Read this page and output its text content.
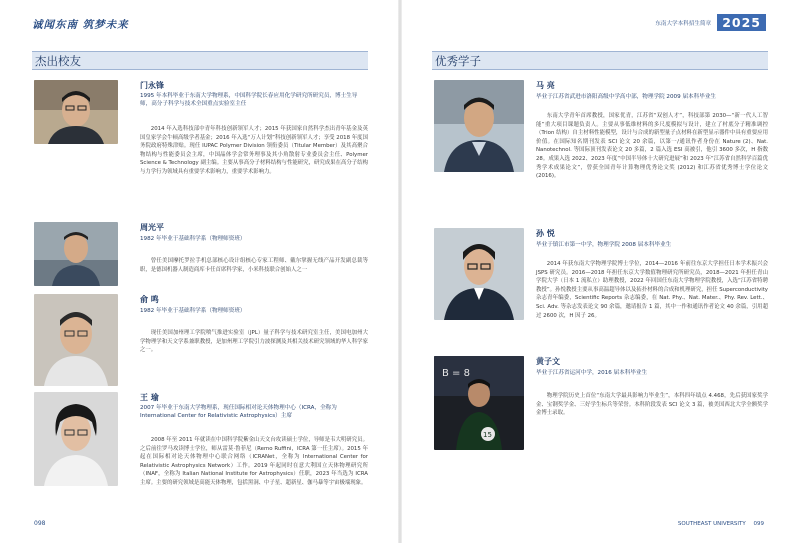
诚闻东南 筑梦未来
杰出校友
门永锋
1995 年本科毕业于东南大学物理系，中国科学院长春应用化学研究所研究员，博士生导师，高分子科学与技术全国重点实验室主任

2014 年入选科技部中青年科技创新领军人才；2015 年获国家自然科学杰出青年基金及英国皇家学会牛顿高级学者基金；2016 年入选“万人计划”科技创新领军人才；享受 2018 年度国务院政府特殊津贴。现任 IUPAC Polymer Division 领衔委员（Titular Member）及其高聚合物结构与性能委员会主席，中国晶体学会常务理事及其小角散射专业委员会主任、Polymer Science & Technology 副主编。主要从事高分子材料结构与性能研究，研究成果在高分子结构与力学行为领域具有重要学术影响力，重要学术影响力。

周光平
1982 年毕业于基础科学系（物理师资班）

曾任美国摩托罗拉手机总部核心设计组核心专家工程师、戴尔掌握无线产品开发副总裁等职，是德国机器人制造商库卡任首席科学家，小米科技联合创始人之一

俞 鸣
1982 年毕业于基础科学系（物理师资班）

现任美国加州理工学院喷气推进实验室（JPL）量子科学与技术研究室主任，美国电加州大学物理学和天文学系兼职教授，是加州理工学院引力波探测及其相关技术研究领域的华人科学家之一。

王 瑜
2007 年毕业于东南大学物理系，现任国际相对论天体物理中心（ICRA，全称为 International Center for Relativistic Astrophysics）主席

2008 年至 2011 年就读在中国科学院紫金山天文台攻读硕士学位，导师是韦大明研究员。之后前往罗马攻读博士学位，师从雷莫·鲁菲尼（Remo Ruffini，ICRA 第一任主席）。2015 年起在国际相对论天体物理中心联合网络（ICRANet，全称为 International Center for Relativistic Astrophysics Network）工作。2019 年起同时在意大利国立天体物理研究所（INAF，全称为 Italian National Institute for Astrophysics）任职，2023 年当选为 ICRA 主席。主要的研究领域是高能天体物理，包括黑洞、中子星、超新星、伽马暴等宇宙极端现象。

098
东南大学本科招生简章 2025
优秀学子
马 亮
毕业于江苏省武进市洛阳高级中学高中部，物理学院 2009 届本科毕业生

东南大学青年首席教授，国家优青，江苏省“双创人才”，科技部第 2030—“新一代人工智能”重大项目课题负责人。主要从事低维材料的多尺度模拟与设计，建立了村底分子精准调控（Trion 结构）自主材料性能模型，设计与合成的新型量子点材料在新型显示器件中具有重要应用价值。在国际知名期刊发表 SCI 论文 20 余篇，以第一/通讯作者身份在 Nature (2)、Nat. Nanotechnol. 等国际顶刊发表论文 20 多篇，2 篇入选 ESI 高被引，他引 3600 多次，H 指数 28。成果入选 2022、2023 年度“中国半导体十大研究进展”和 2023 年“江苏省自然科学百篇优秀学术成果论文”，曾获全国青年计算物理优秀论文奖 (2012) 和江苏省优秀博士学位论文 (2016)。

孙 悦
毕业于镇江市第一中学，物理学院 2008 届本科毕业生

2014 年获东南大学物理学院博士学位，2014—2016 年前往东京大学担任日本学术振兴会 JSPS 研究员。2016—2018 年担任东京大学数值物理研究所研究员，2018—2021 年担任青山学院大学（日本 1 流私立）助理教授，2022 年回国任东南大学物理学院教授，入选“江苏省特聘教授”。孙悦教授主要从事高温超导体以及拓扑材料的合成和机理研究，担任 Superconductivity 杂志青年编委，Scientific Reports 杂志编委，在 Nat. Phy.、Nat. Mater.、Phy. Rev. Lett.、Sci. Adv. 等杂志发表论文 90 余篇，邀请报告 1 篇，其中一作和通讯作者论文 40 余篇，引用超过 2600 次，H 因子 26。

B = 8
15
黄子文
毕业于江苏省运河中学，2016 届本科毕业生

物理学院历史上首位“东南大学最具影响力毕业生”，本科四年绩点 4.468，先后获国家奖学金、宝钢奖学金、三好学生标兵等荣誉。本科阶段发表 SCI 论文 3 篇，被美国西北大学全额奖学金博士录取。

SOUTHEAST UNIVERSITY 099
